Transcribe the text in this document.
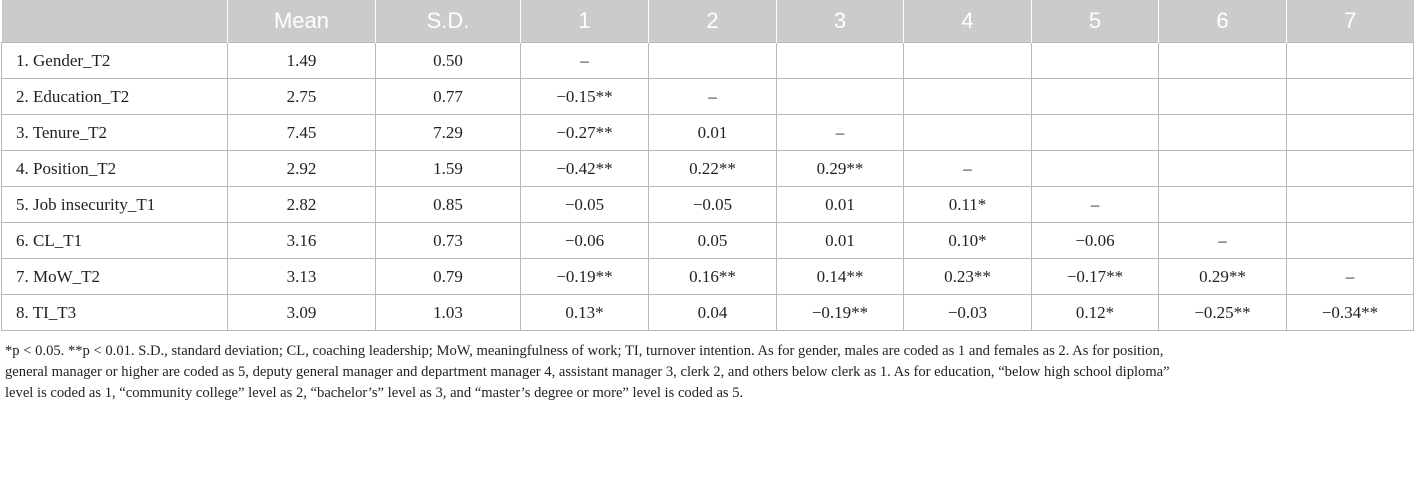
	Mean	S.D.	1	2	3	4	5	6	7
1. Gender_T2	1.49	0.50	–						
2. Education_T2	2.75	0.77	−0.15**	–					
3. Tenure_T2	7.45	7.29	−0.27**	0.01	–				
4. Position_T2	2.92	1.59	−0.42**	0.22**	0.29**	–			
5. Job insecurity_T1	2.82	0.85	−0.05	−0.05	0.01	0.11*	–		
6. CL_T1	3.16	0.73	−0.06	0.05	0.01	0.10*	−0.06	–	
7. MoW_T2	3.13	0.79	−0.19**	0.16**	0.14**	0.23**	−0.17**	0.29**	–
8. TI_T3	3.09	1.03	0.13*	0.04	−0.19**	−0.03	0.12*	−0.25**	−0.34**
*p < 0.05. **p < 0.01. S.D., standard deviation; CL, coaching leadership; MoW, meaningfulness of work; TI, turnover intention. As for gender, males are coded as 1 and females as 2. As for position,
general manager or higher are coded as 5, deputy general manager and department manager 4, assistant manager 3, clerk 2, and others below clerk as 1. As for education, “below high school diploma”
level is coded as 1, “community college” level as 2, “bachelor’s” level as 3, and “master’s degree or more” level is coded as 5.
